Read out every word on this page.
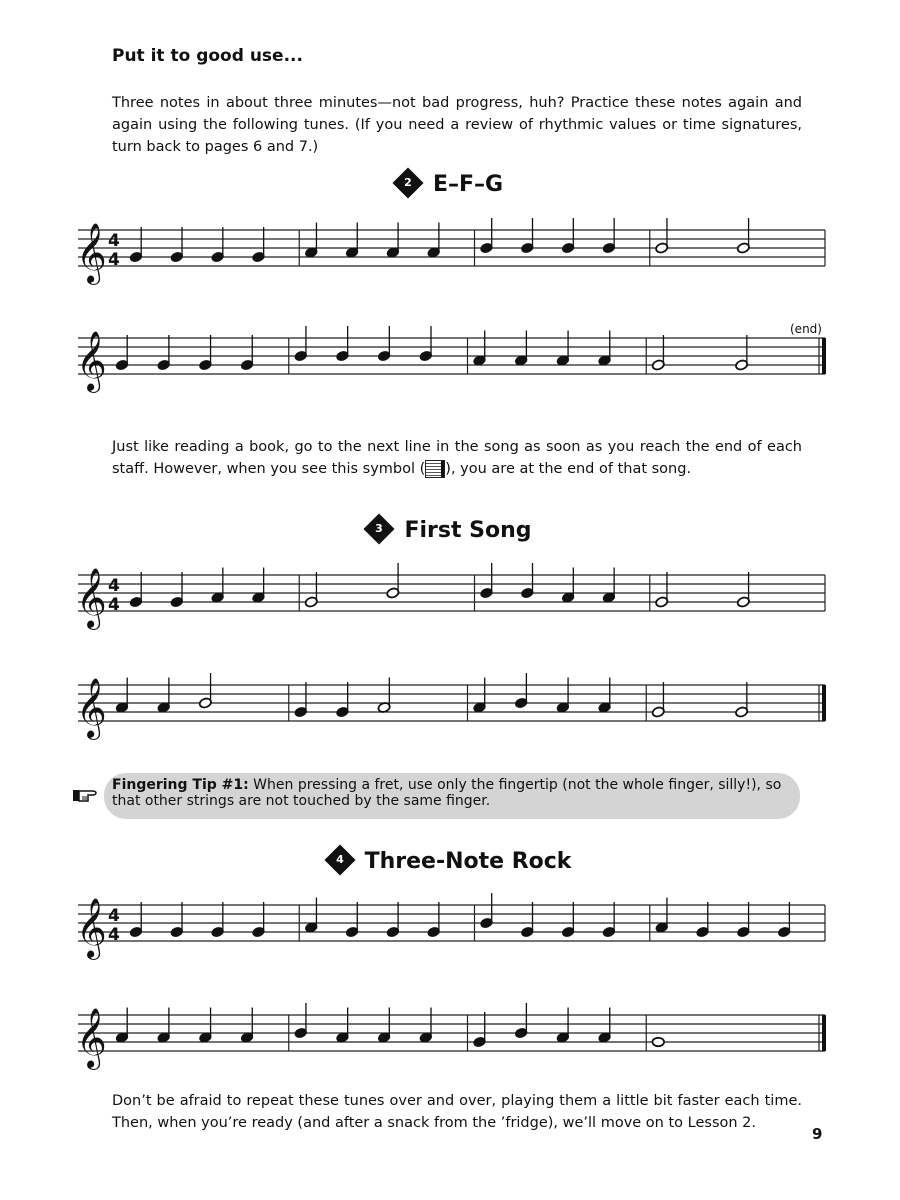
Put it to good use...
Three notes in about three minutes—not bad progress, huh? Practice these notes again and again using the following tunes. (If you need a review of rhythmic values or time signatures, turn back to pages 6 and 7.)
2 E–F–G
𝄞 4
4
(end)
𝄞
Just like reading a book, go to the next line in the song as soon as you reach the end of each staff. However, when you see this symbol ( ), you are at the end of that song.
3 First Song
𝄞 4
4
𝄞
Fingering Tip #1: When pressing a fret, use only the fingertip (not the whole finger, silly!), so that other strings are not touched by the same finger.
4 Three-Note Rock
𝄞 4
4
𝄞
Don’t be afraid to repeat these tunes over and over, playing them a little bit faster each time. Then, when you’re ready (and after a snack from the ’fridge), we’ll move on to Lesson 2.
9
